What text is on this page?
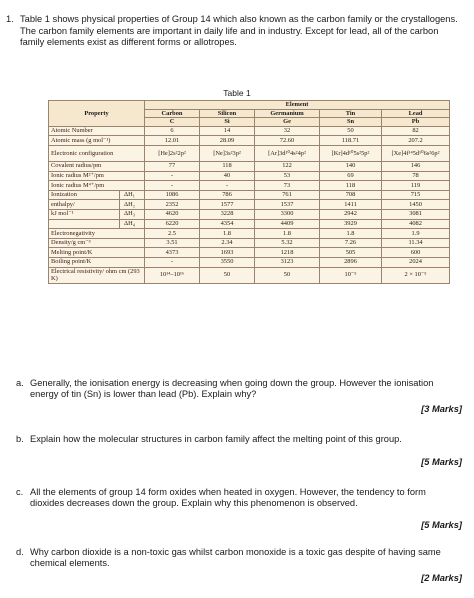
1. Table 1 shows physical properties of Group 14 which also known as the carbon family or the crystallogens. The carbon family elements are important in daily life and in industry. Except for lead, all of the carbon family elements exist as different forms or allotropes.
Table 1
Property		Element				
		Carbon	Silicon	Germanium	Tin	Lead
		C	Si	Ge	Sn	Pb
Atomic Number		6	14	32	50	82
Atomic mass (g mol⁻¹)		12.01	28.09	72.60	118.71	207.2
Electronic configuration		[He]2s²2p²	[Ne]3s²3p²	[Ar]3d¹⁰4s²4p²	[Kr]4d¹⁰5s²5p²	[Xe]4f¹⁴5d¹⁰6s²6p²
Covalent radius/pm		77	118	122	140	146
Ionic radius M²⁺/pm		-	40	53	69	78
Ionic radius M⁴⁺/pm		-	-	73	118	119
Ionization	ΔH₁	1086	786	761	708	715
enthalpy/	ΔH₂	2352	1577	1537	1411	1450
kJ mol⁻¹	ΔH₃	4620	3228	3300	2942	3081
	ΔH₄	6220	4354	4409	3929	4082
Electronegativity		2.5	1.8	1.8	1.8	1.9
Density/g cm⁻³		3.51	2.34	5.32	7.26	11.34
Melting point/K		4373	1693	1218	505	600
Boiling point/K		-	3550	3123	2896	2024
Electrical resistivity/ ohm cm (293 K)		10¹⁴–10¹⁶	50	50	10⁻⁵	2 × 10⁻⁵
a. Generally, the ionisation energy is decreasing when going down the group. However the ionisation energy of tin (Sn) is lower than lead (Pb). Explain why?
b. Explain how the molecular structures in carbon family affect the melting point of this group.
c. All the elements of group 14 form oxides when heated in oxygen. However, the tendency to form dioxides decreases down the group. Explain why this phenomenon is observed.
d. Why carbon dioxide is a non-toxic gas whilst carbon monoxide is a toxic gas despite of having same chemical elements.
[3 Marks]
[5 Marks]
[5 Marks]
[2 Marks]
